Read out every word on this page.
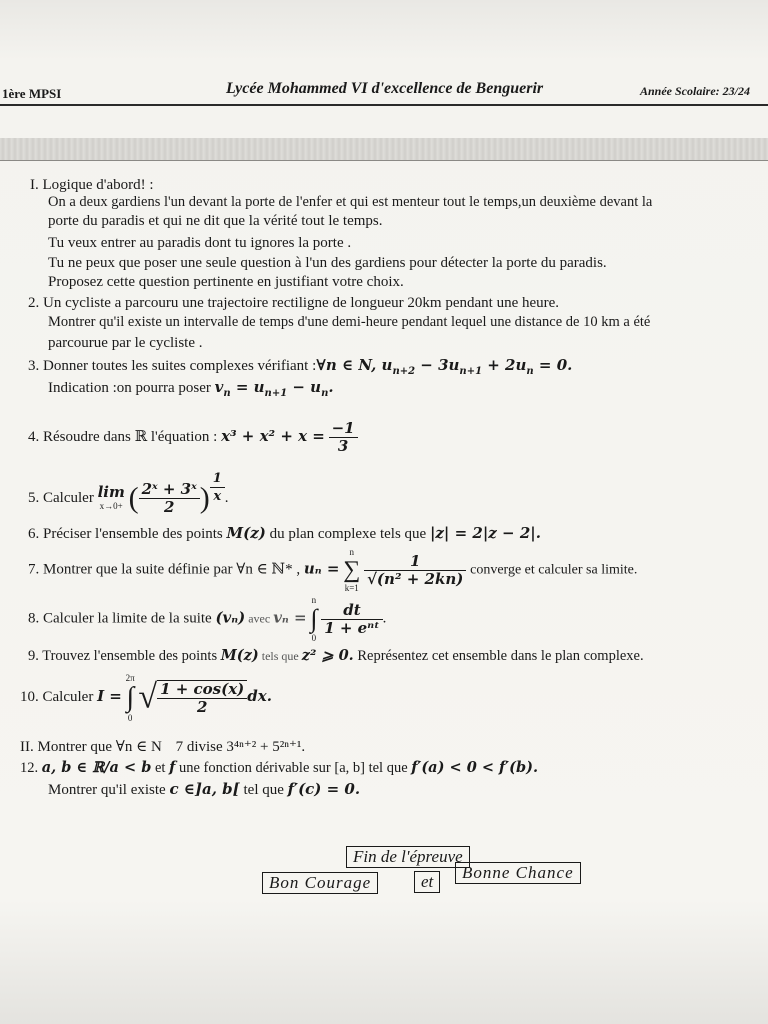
1ère MPSI	Lycée Mohammed VI d'excellence de Benguerir	Année Scolaire: 23/24
I. Logique d'abord! :
On a deux gardiens l'un devant la porte de l'enfer et qui est menteur tout le temps,un deuxième devant la
porte du paradis et qui ne dit que la vérité tout le temps.
Tu veux entrer au paradis dont tu ignores la porte .
Tu ne peux que poser une seule question à l'un des gardiens pour détecter la porte du paradis.
Proposez cette question pertinente en justifiant votre choix.
2. Un cycliste a parcouru une trajectoire rectiligne de longueur 20km pendant une heure.
Montrer qu'il existe un intervalle de temps d'une demi-heure pendant lequel une distance de 10 km a été
parcourue par le cycliste .
3. Donner toutes les suites complexes vérifiant :∀n ∈ N, $u_{n+2} - 3u_{n+1} + 2u_n = 0$.
Indication :on pourra poser $v_n = u_{n+1} - u_n$.
4. Résoudre dans ℝ l'équation : $x^3 + x^2 + x = \frac{-1}{3}$
5. Calculer lim
x→0+ ( $\frac{\text{2ˣ + 3ˣ}}{2}$ ) $\frac{1}{x}$ .
6. Préciser l'ensemble des points M(z) du plan complexe tels que |z| = 2|z − 2|.
7. Montrer que la suite définie par ∀n ∈ ℕ* , uₙ =
n
∑
k=1

$\frac{1}{\text{√(n² + 2kn)}}$ converge et calculer sa limite.
8. Calculer la limite de la suite (vₙ) avec vₙ =
n
∫
0

$\frac{dt}{\text{1 + eⁿᵗ}}$ .
9. Trouvez l'ensemble des points M(z) tels que z² ⩾ 0. Représentez cet ensemble dans le plan complexe.
10. Calculer I =
2π
∫
0
√ $\frac{1 + \cos(x)}{2}$ dx.
II. Montrer que ∀n ∈ N 7 divise 3⁴ⁿ⁺² + 5²ⁿ⁺¹.
12. a, b ∈ ℝ/a < b et f une fonction dérivable sur [a, b] tel que f′(a) < 0 < f′(b).
Montrer qu'il existe c ∈]a, b[ tel que f′(c) = 0.
Fin de l'épreuve
Bon Courage	et	Bonne Chance
